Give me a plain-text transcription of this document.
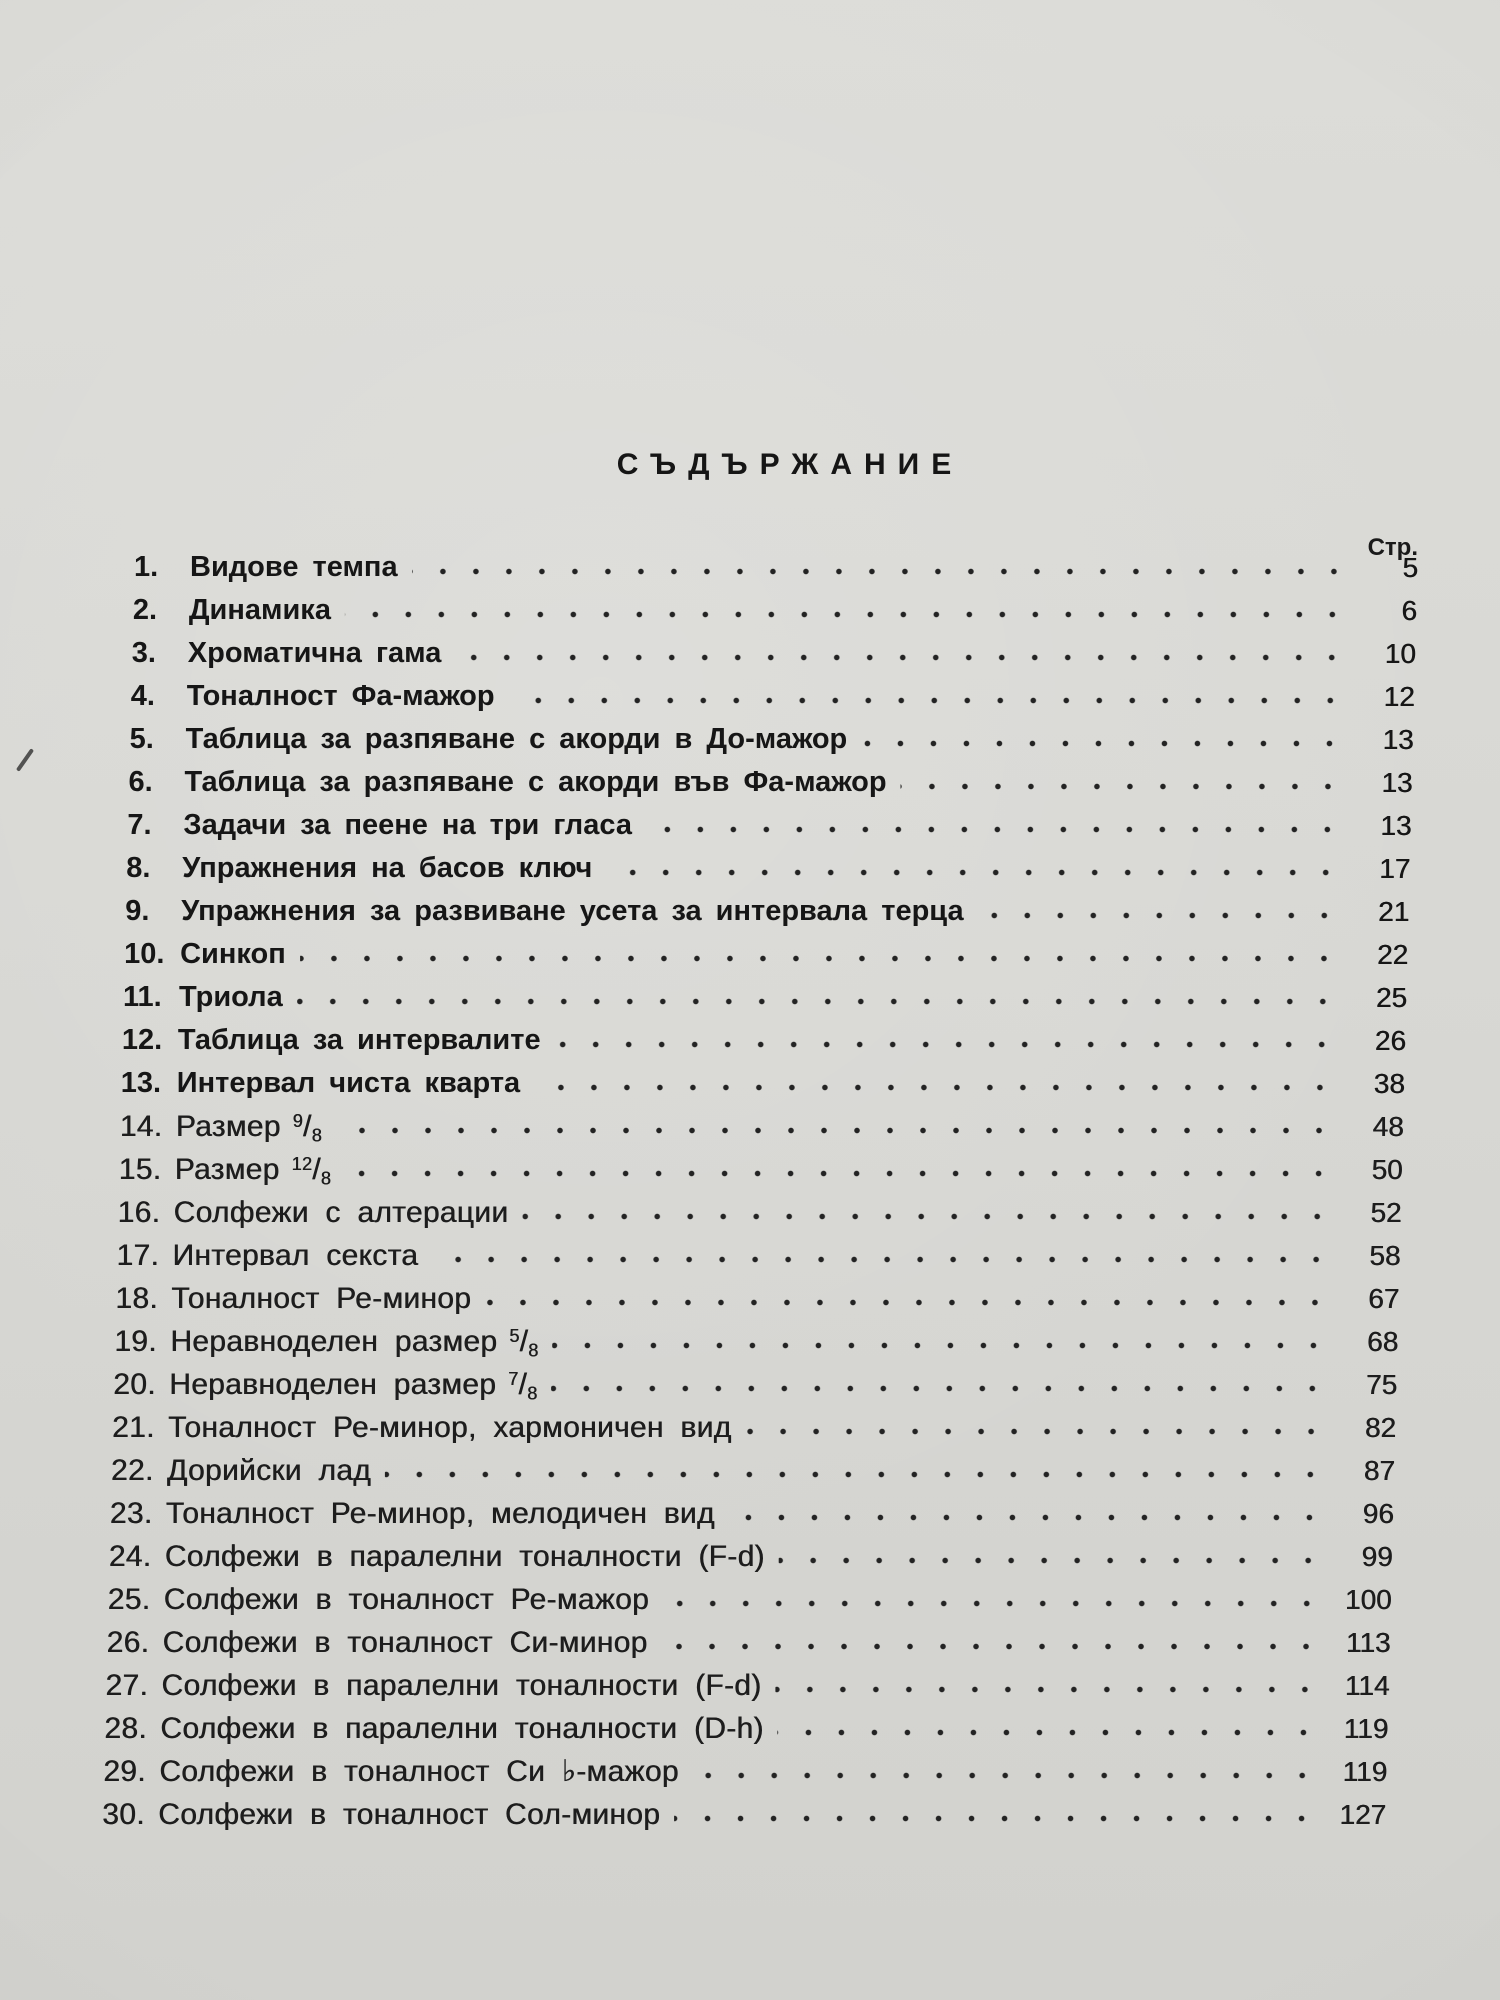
СЪДЪРЖАНИЕ
Стр.
1.	Видове темпа	5
2.	Динамика	6
3.	Хроматична гама	10
4.	Тоналност Фа-мажор	12
5.	Таблица за разпяване с акорди в До-мажор	13
6.	Таблица за разпяване с акорди във Фа-мажор	13
7.	Задачи за пеене на три гласа	13
8.	Упражнения на басов ключ	17
9.	Упражнения за развиване усета за интервала терца	21
10. Синкоп	22
11. Триола	25
12. Таблица за интервалите	26
13. Интервал чиста кварта	38
14. Размер $^9$/8	48
15. Размер $^{12}$/8	50
16. Солфежи с алтерации	52
17. Интервал секста	58
18. Тоналност Ре-минор	67
19. Неравноделен размер $^5$/8	68
20. Неравноделен размер $^7$/8	75
21. Тоналност Ре-минор, хармоничен вид	82
22. Дорийски лад	87
23. Тоналност Ре-минор, мелодичен вид	96
24. Солфежи в паралелни тоналности (F-d)	99
25. Солфежи в тоналност Ре-мажор	100
26. Солфежи в тоналност Си-минор	113
27. Солфежи в паралелни тоналности (F-d)	114
28. Солфежи в паралелни тоналности (D-h)	119
29. Солфежи в тоналност Си ♭-мажор	119
30. Солфежи в тоналност Сол-минор	127
